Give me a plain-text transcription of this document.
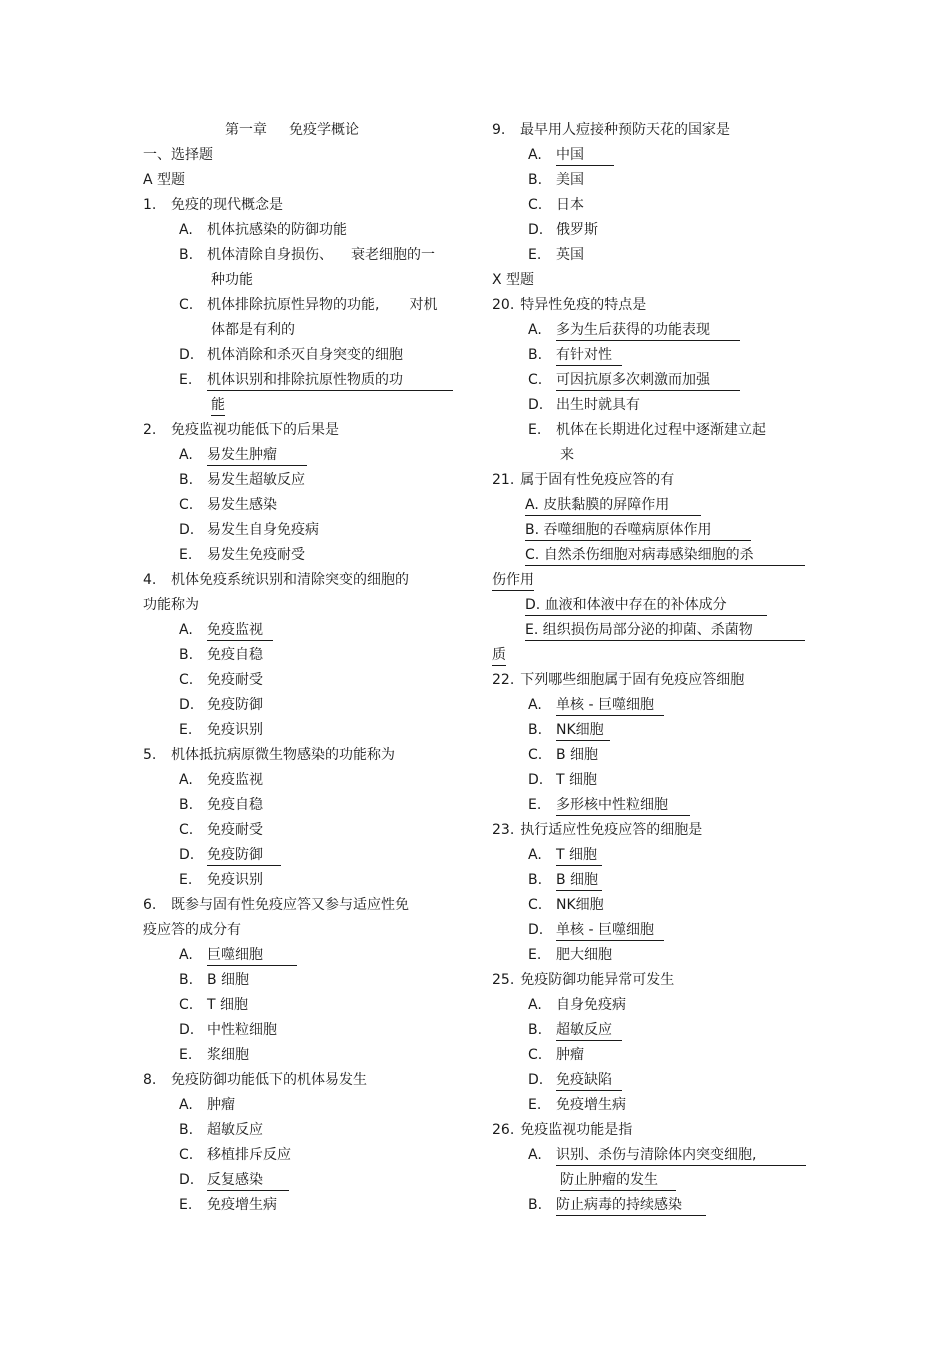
第一章 免疫学概论
一、选择题
A 型题
1. 免疫的现代概念是
A. 机体抗感染的防御功能
B. 机体清除自身损伤、 衰老细胞的一
种功能
C. 机体排除抗原性异物的功能, 对机
体都是有利的
D. 机体消除和杀灭自身突变的细胞
E. 机体识别和排除抗原性物质的功
能
2. 免疫监视功能低下的后果是
A. 易发生肿瘤
B. 易发生超敏反应
C. 易发生感染
D. 易发生自身免疫病
E. 易发生免疫耐受
4. 机体免疫系统识别和清除突变的细胞的
功能称为
A. 免疫监视
B. 免疫自稳
C. 免疫耐受
D. 免疫防御
E. 免疫识别
5. 机体抵抗病原微生物感染的功能称为
A. 免疫监视
B. 免疫自稳
C. 免疫耐受
D. 免疫防御
E. 免疫识别
6. 既参与固有性免疫应答又参与适应性免
疫应答的成分有
A. 巨噬细胞
B. B 细胞
C. T 细胞
D. 中性粒细胞
E. 浆细胞
8. 免疫防御功能低下的机体易发生
A. 肿瘤
B. 超敏反应
C. 移植排斥反应
D. 反复感染
E. 免疫增生病
9. 最早用人痘接种预防天花的国家是
A. 中国
B. 美国
C. 日本
D. 俄罗斯
E. 英国
X 型题
20. 特异性免疫的特点是
A. 多为生后获得的功能表现
B. 有针对性
C. 可因抗原多次刺激而加强
D. 出生时就具有
E. 机体在长期进化过程中逐渐建立起
来
21. 属于固有性免疫应答的有
A. 皮肤黏膜的屏障作用
B. 吞噬细胞的吞噬病原体作用
C. 自然杀伤细胞对病毒感染细胞的杀
伤作用
D. 血液和体液中存在的补体成分
E. 组织损伤局部分泌的抑菌、杀菌物
质
22. 下列哪些细胞属于固有免疫应答细胞
A. 单核 - 巨噬细胞
B. NK细胞
C. B 细胞
D. T 细胞
E. 多形核中性粒细胞
23. 执行适应性免疫应答的细胞是
A. T 细胞
B. B 细胞
C. NK细胞
D. 单核 - 巨噬细胞
E. 肥大细胞
25. 免疫防御功能异常可发生
A. 自身免疫病
B. 超敏反应
C. 肿瘤
D. 免疫缺陷
E. 免疫增生病
26. 免疫监视功能是指
A. 识别、杀伤与清除体内突变细胞,
防止肿瘤的发生
B. 防止病毒的持续感染
